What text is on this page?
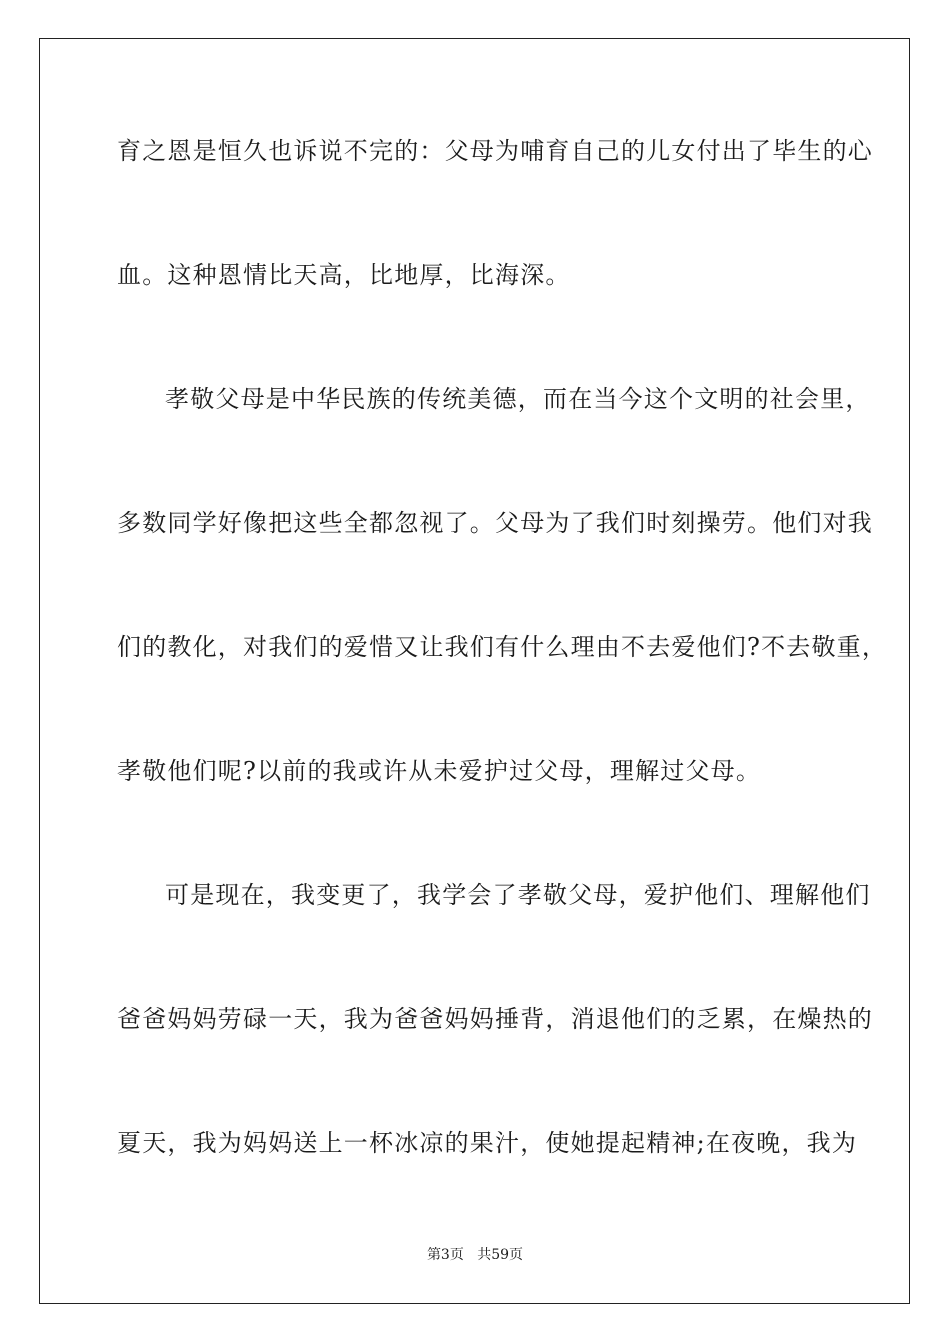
育之恩是恒久也诉说不完的：父母为哺育自己的儿女付出了毕生的心
血。这种恩情比天高，比地厚，比海深。
孝敬父母是中华民族的传统美德，而在当今这个文明的社会里，
多数同学好像把这些全都忽视了。父母为了我们时刻操劳。他们对我
们的教化，对我们的爱惜又让我们有什么理由不去爱他们?不去敬重，
孝敬他们呢?以前的我或许从未爱护过父母，理解过父母。
可是现在，我变更了，我学会了孝敬父母，爱护他们、理解他们
爸爸妈妈劳碌一天，我为爸爸妈妈捶背，消退他们的乏累，在燥热的
夏天，我为妈妈送上一杯冰凉的果汁，使她提起精神;在夜晚，我为
第3页 共59页
